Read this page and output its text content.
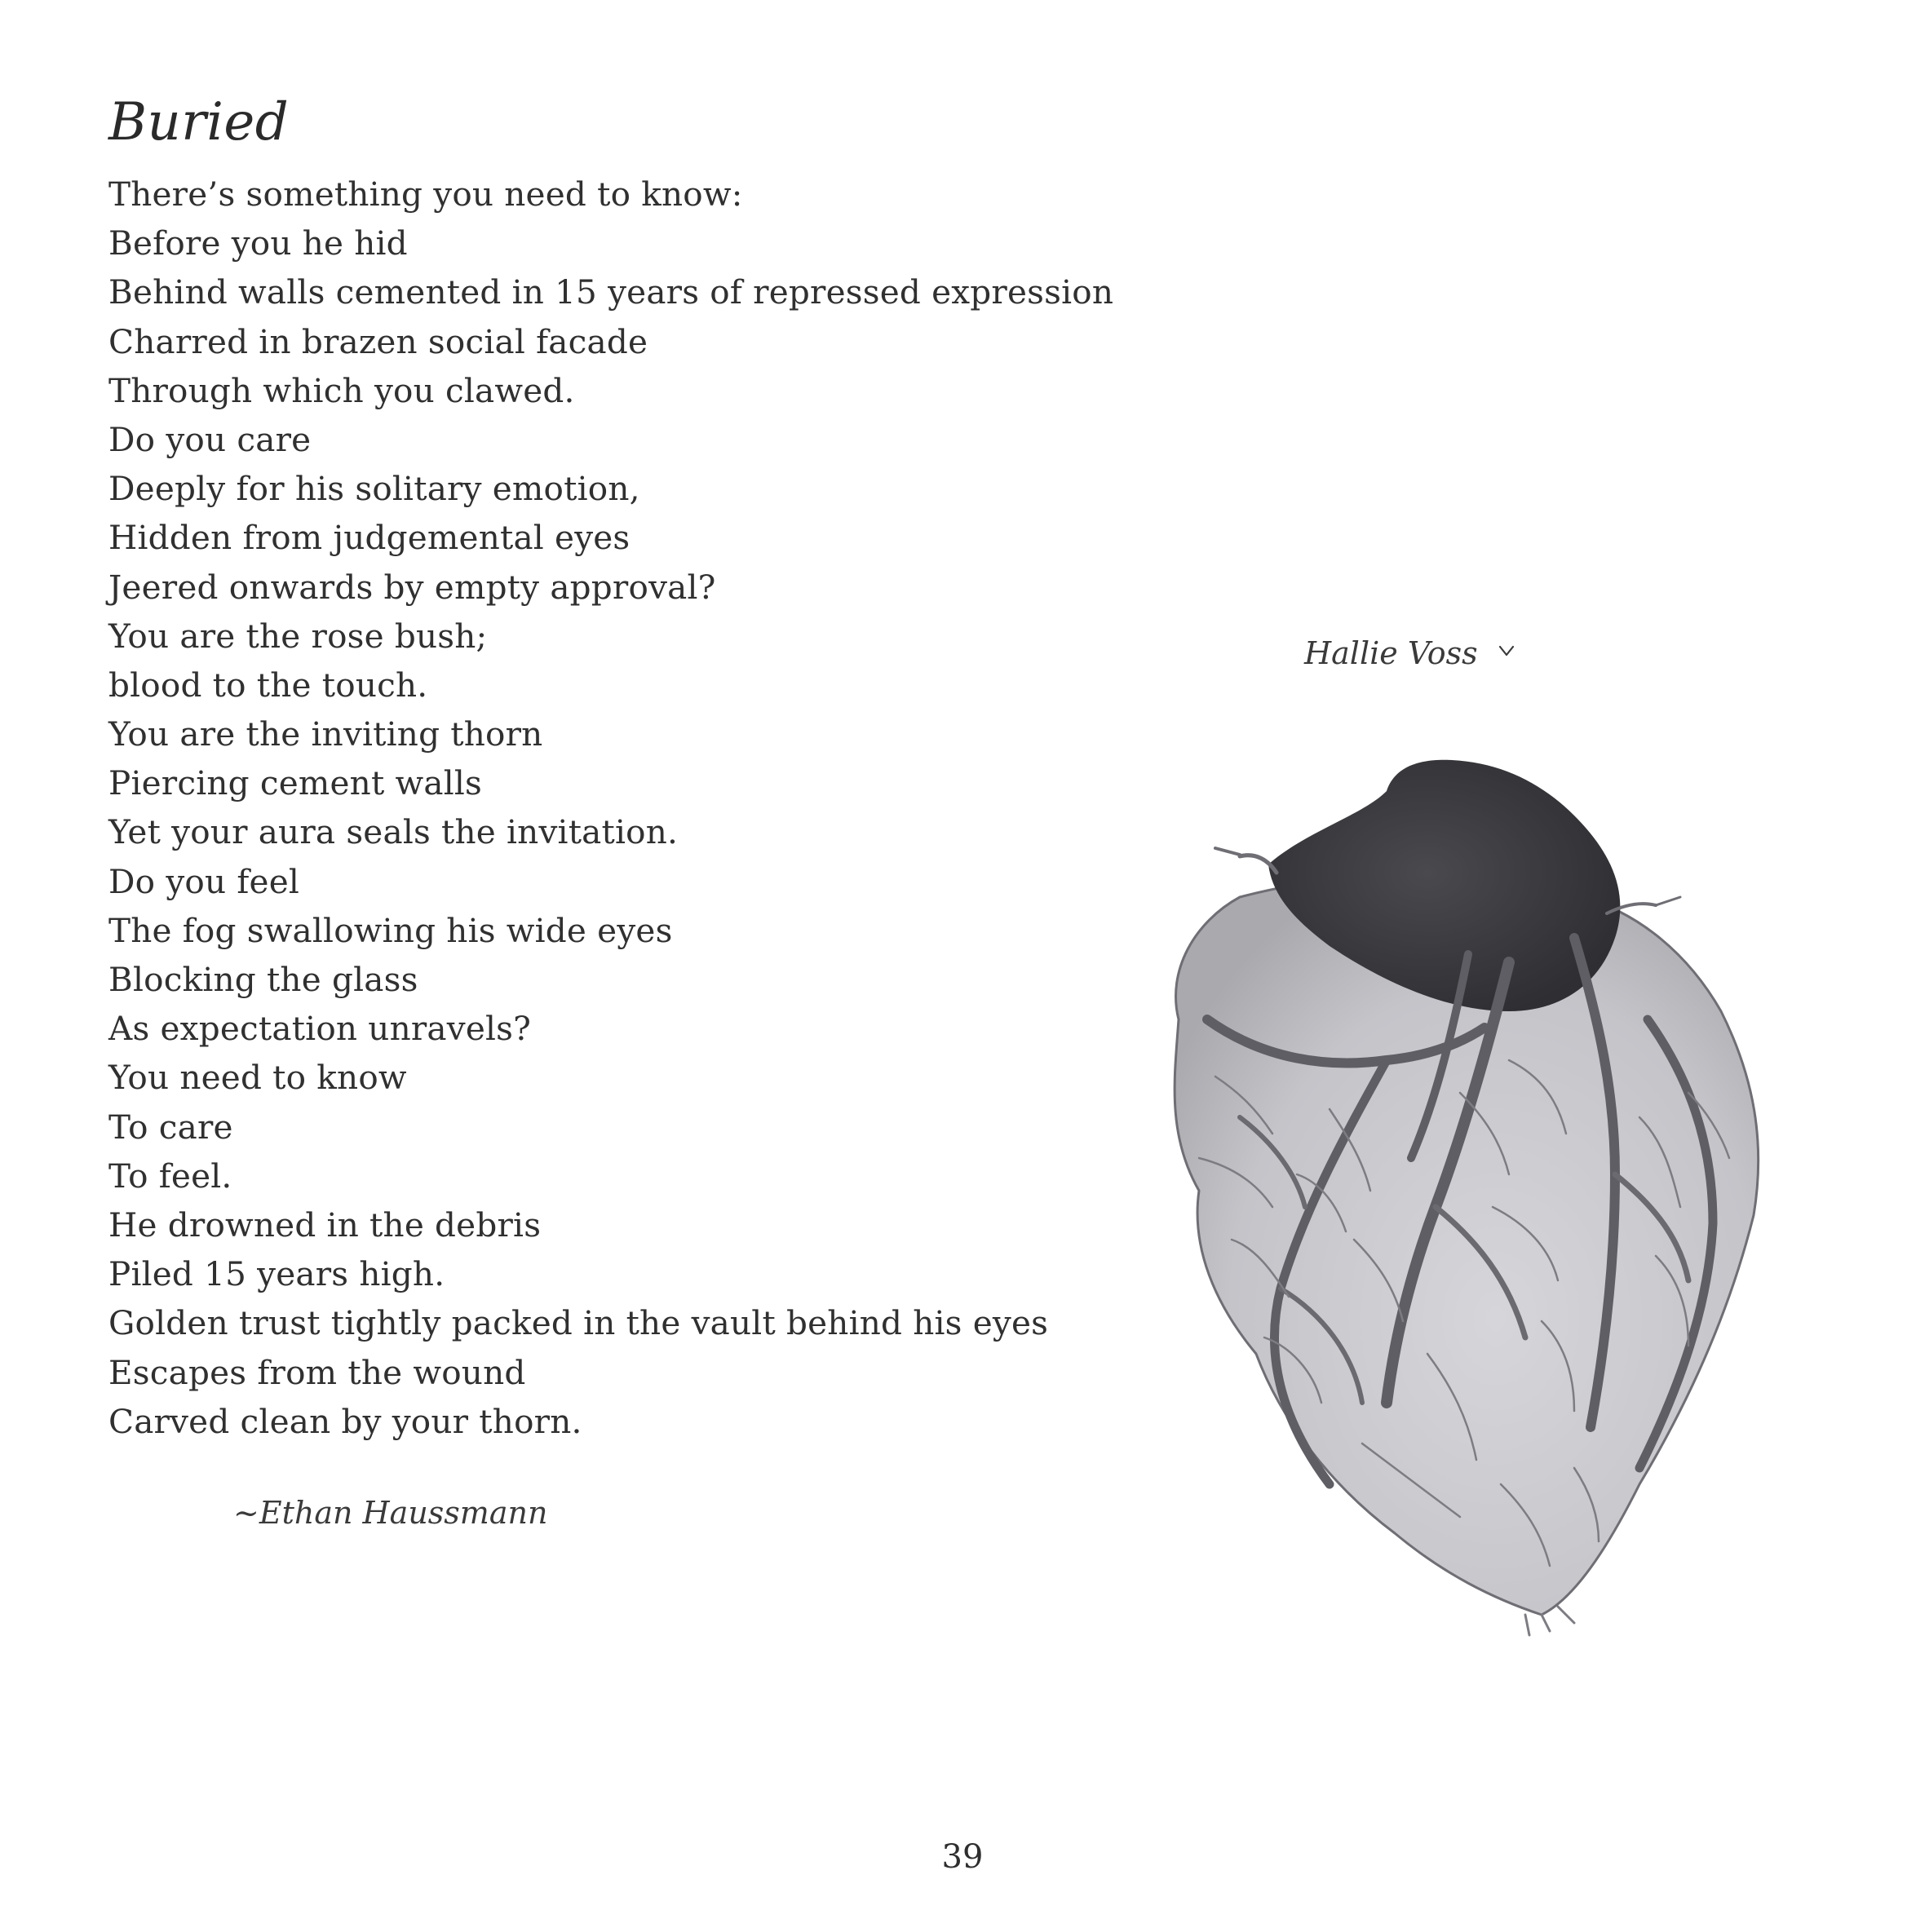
Buried
There’s something you need to know:
Before you he hid
Behind walls cemented in 15 years of repressed expression
Charred in brazen social facade
Through which you clawed.
Do you care
Deeply for his solitary emotion,
Hidden from judgemental eyes
Jeered onwards by empty approval?
You are the rose bush;
blood to the touch.
You are the inviting thorn
Piercing cement walls
Yet your aura seals the invitation.
Do you feel
The fog swallowing his wide eyes
Blocking the glass
As expectation unravels?
You need to know
To care
To feel.
He drowned in the debris
Piled 15 years high.
Golden trust tightly packed in the vault behind his eyes
Escapes from the wound
Carved clean by your thorn.
~Ethan Haussmann
Hallie Voss
39
